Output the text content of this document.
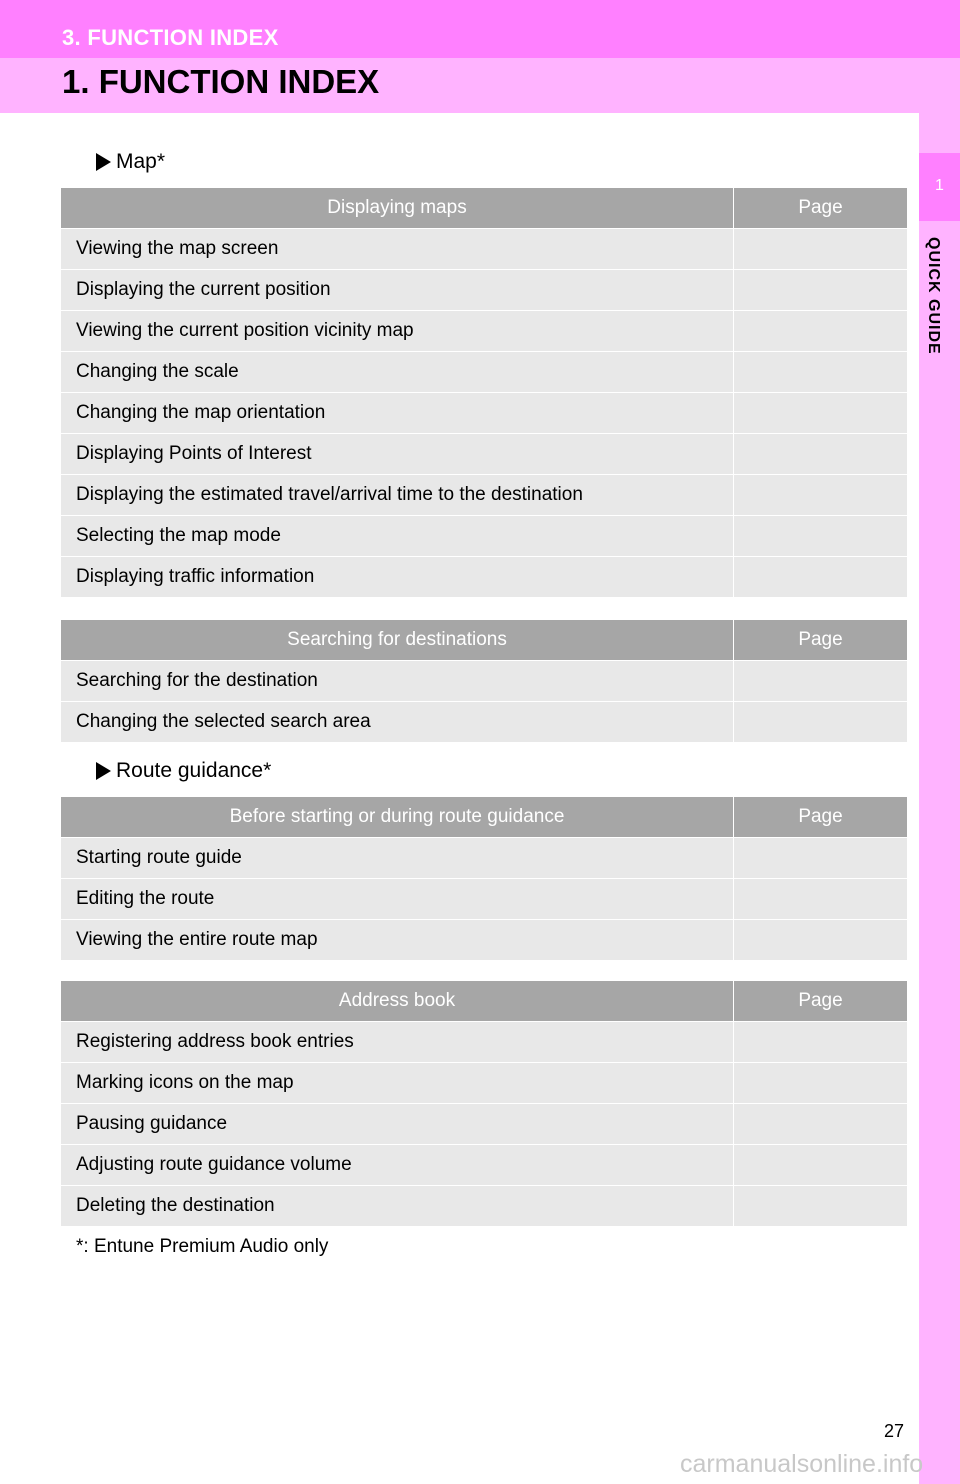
3. FUNCTION INDEX
1. FUNCTION INDEX
1
QUICK GUIDE
Map*
Displaying maps	Page
Viewing the map screen	
Displaying the current position	
Viewing the current position vicinity map	
Changing the scale	
Changing the map orientation	
Displaying Points of Interest	
Displaying the estimated travel/arrival time to the destination	
Selecting the map mode	
Displaying traffic information	
Searching for destinations	Page
Searching for the destination	
Changing the selected search area	
Route guidance*
Before starting or during route guidance	Page
Starting route guide	
Editing the route	
Viewing the entire route map	
Address book	Page
Registering address book entries	
Marking icons on the map	
Pausing guidance	
Adjusting route guidance volume	
Deleting the destination	
*: Entune Premium Audio only
27
carmanualsonline.info
